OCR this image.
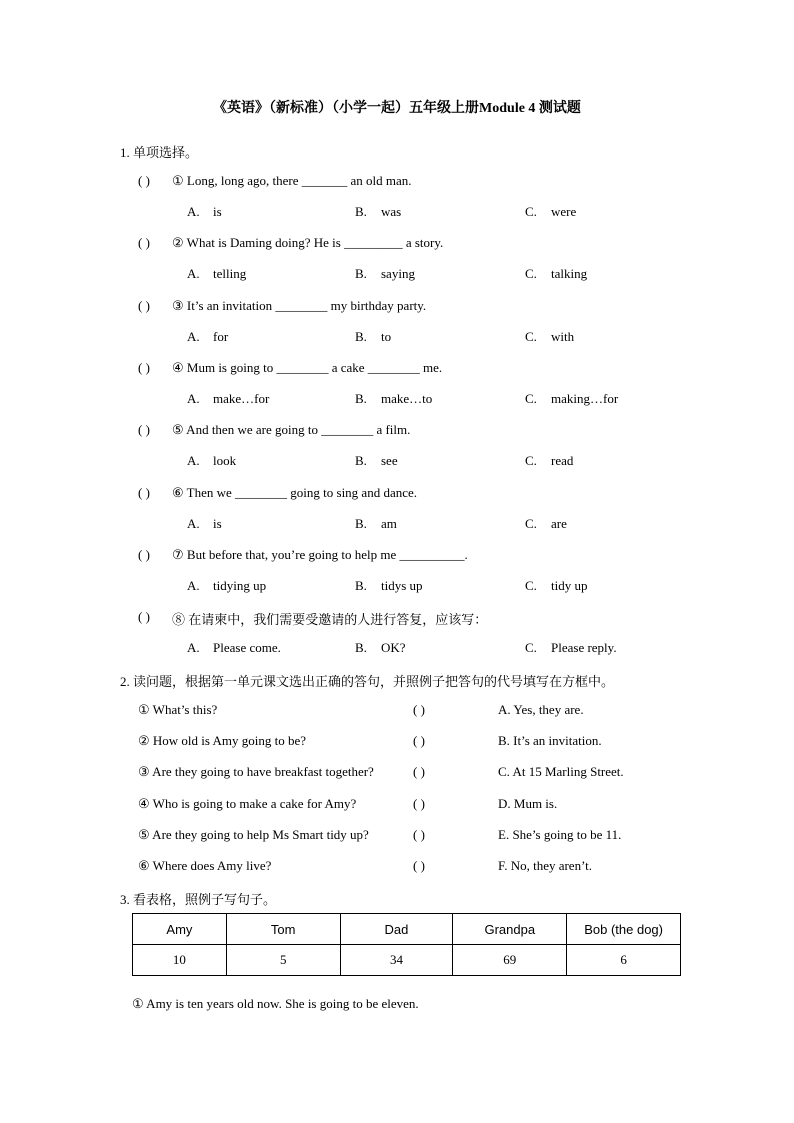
《英语》（新标准）（小学一起）五年级上册Module 4 测试题
1. 单项选择。
( ) ① Long, long ago, there _______ an old man.
A. is	B. was	C. were
( ) ② What is Daming doing? He is _________ a story.
A. telling	B. saying	C. talking
( ) ③ It’s an invitation ________ my birthday party.
A. for	B. to	C. with
( ) ④ Mum is going to ________ a cake ________ me.
A. make…for	B. make…to	C. making…for
( ) ⑤ And then we are going to ________ a film.
A. look	B. see	C. read
( ) ⑥ Then we ________ going to sing and dance.
A. is	B. am	C. are
( ) ⑦ But before that, you’re going to help me __________.
A. tidying up	B. tidys up	C. tidy up
( ) ⑧ 在请柬中，我们需要受邀请的人进行答复，应该写：
A. Please come.	B. OK?	C. Please reply.
2. 读问题，根据第一单元课文选出正确的答句，并照例子把答句的代号填写在方框中。
① What’s this?	( )	A. Yes, they are.
② How old is Amy going to be?	( )	B. It’s an invitation.
③ Are they going to have breakfast together?	( )	C. At 15 Marling Street.
④ Who is going to make a cake for Amy?	( )	D. Mum is.
⑤ Are they going to help Ms Smart tidy up?	( )	E. She’s going to be 11.
⑥ Where does Amy live?	( )	F. No, they aren’t.
3. 看表格，照例子写句子。
Amy	Tom	Dad	Grandpa	Bob (the dog)
10	5	34	69	6
① Amy is ten years old now. She is going to be eleven.
